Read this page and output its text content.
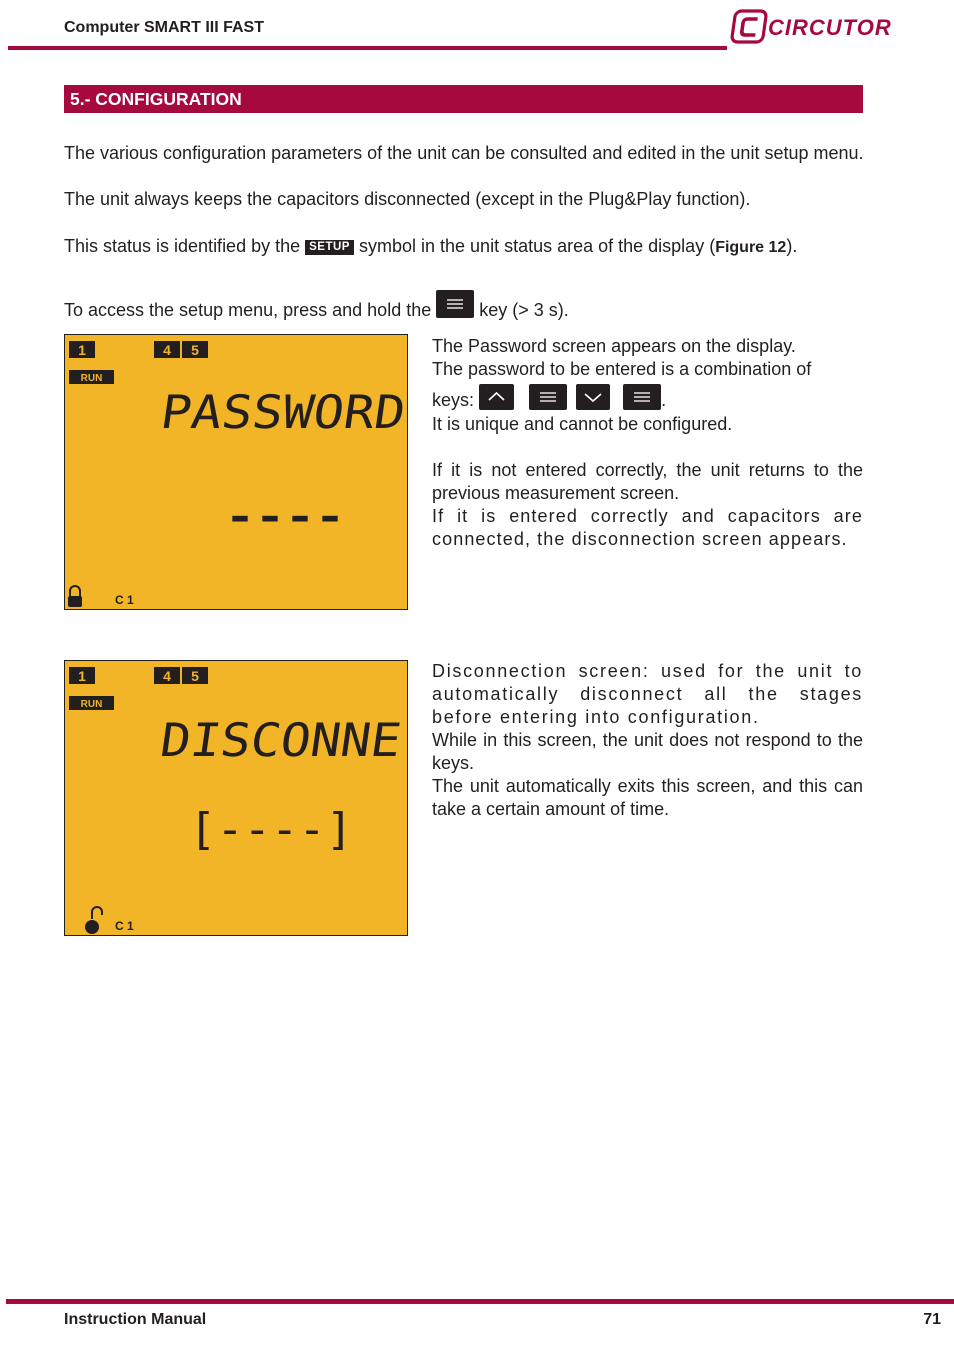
Computer SMART III FAST	CIRCUTOR
5.- CONFIGURATION

The various configuration parameters of the unit can be consulted and edited in the unit setup menu.

The unit always keeps the capacitors disconnected (except in the Plug&Play function).

This status is identified by the SETUP symbol in the unit status area of the display (Figure 12).

To access the setup menu, press and hold the	key (> 3 s).

1	4 5
RUN
PASSWORD
----
C 1

The Password screen appears on the display.

The password to be entered is a combination of

keys:

	.

It is unique and cannot be configured.

If it is not entered correctly, the unit returns to the previous measurement screen.

If it is entered correctly and capacitors are connected, the disconnection screen appears.

1	4 5
RUN
DISCONNE
[----]
C 1

Disconnection screen: used for the unit to automatically disconnect all the stages before entering into configuration.

While in this screen, the unit does not respond to the keys.

The unit automatically exits this screen, and this can take a certain amount of time.

Instruction Manual	71
